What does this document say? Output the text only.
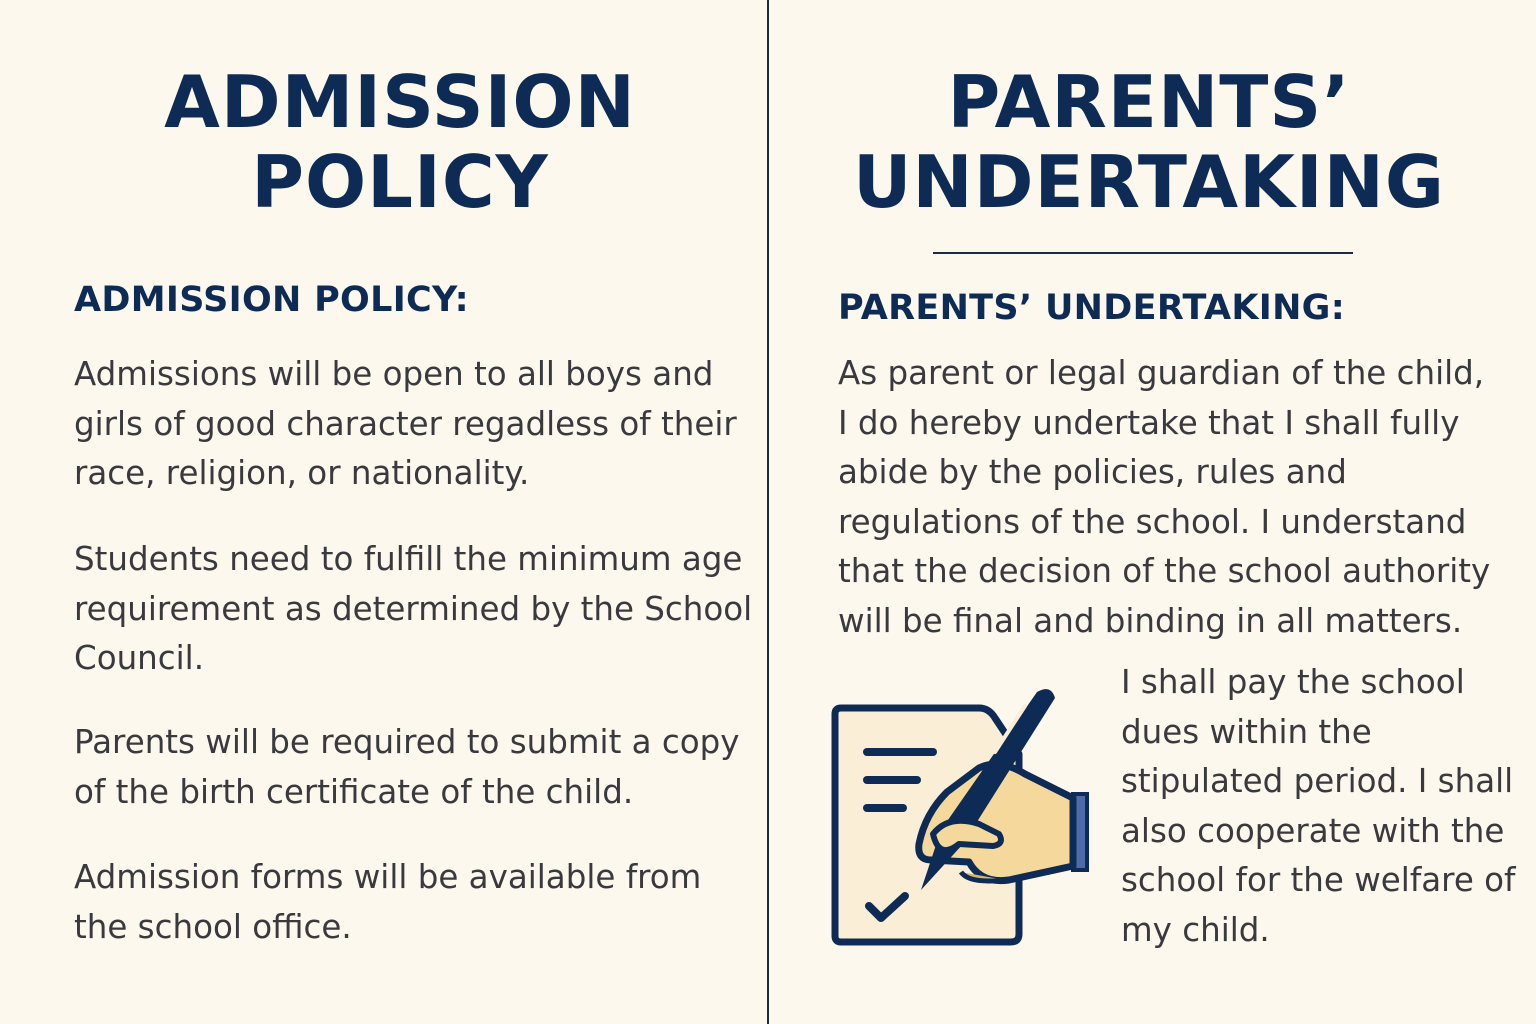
ADMISSION
POLICY
ADMISSION POLICY:

Admissions will be open to all boys and girls of good character regadless of their race, religion, or nationality.

Students need to fulfill the minimum age requirement as determined by the School Council.

Parents will be required to submit a copy of the birth certificate of the child.

Admission forms will be available from the school office.

PARENTS’
UNDERTAKING
PARENTS’ UNDERTAKING:

As parent or legal guardian of the child, I do hereby undertake that I shall fully abide by the policies, rules and regulations of the school. I understand that the decision of the school authority will be final and binding in all matters.

I shall pay the school dues within the stipulated period. I shall also cooperate with the school for the welfare of my child.
